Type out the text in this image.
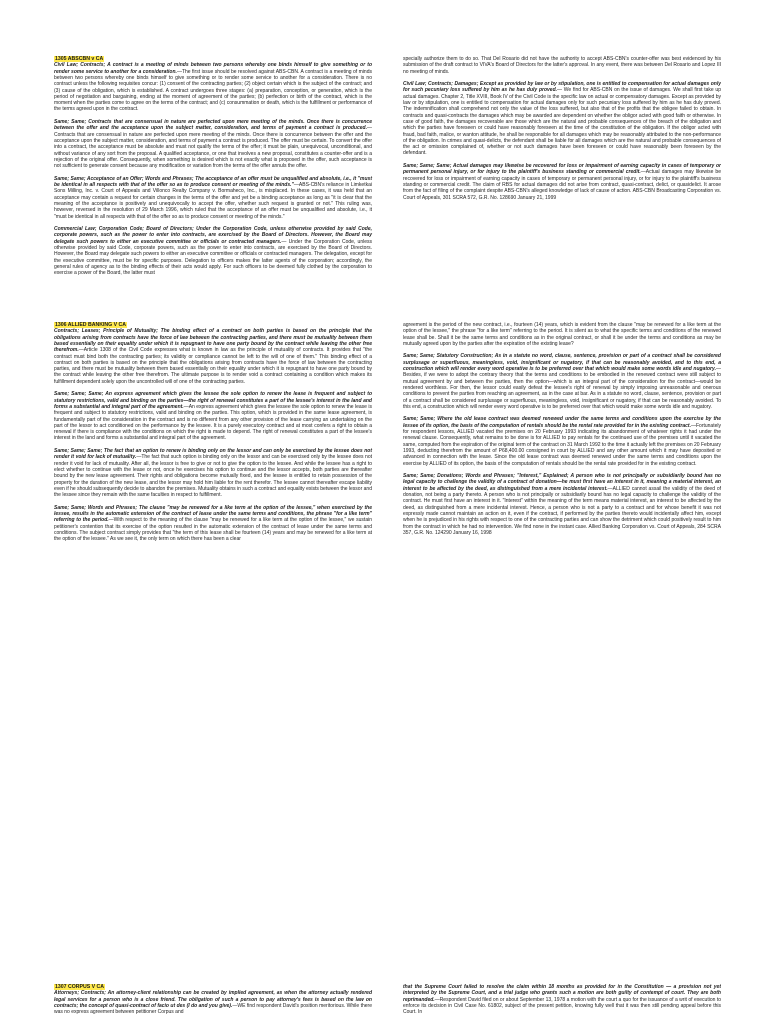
1305 ABSCBN v CA

Civil Law; Contracts; A contract is a meeting of minds between two persons whereby one binds himself to give something or to render some service to another for a consideration.—The first issue should be resolved against ABS-CBN. A contract is a meeting of minds between two persons whereby one binds himself to give something or to render some service to another for a consideration. There is no contract unless the following requisites concur: (1) consent of the contracting parties; (2) object certain which is the subject of the contract; and (3) cause of the obligation, which is established. A contract undergoes three stages: (a) preparation, conception, or generation, which is the period of negotiation and bargaining, ending at the moment of agreement of the parties; (b) perfection or birth of the contract, which is the moment when the parties come to agree on the terms of the contract; and (c) consummation or death, which is the fulfillment or performance of the terms agreed upon in the contract.

Same; Same; Contracts that are consensual in nature are perfected upon mere meeting of the minds. Once there is concurrence between the offer and the acceptance upon the subject matter, consideration, and terms of payment a contract is produced.—Contracts that are consensual in nature are perfected upon mere meeting of the minds. Once there is concurrence between the offer and the acceptance upon the subject matter, consideration, and terms of payment a contract is produced. The offer must be certain. To convert the offer into a contract, the acceptance must be absolute and must not qualify the terms of the offer; it must be plain, unequivocal, unconditional, and without variance of any sort from the proposal. A qualified acceptance, or one that involves a new proposal, constitutes a counter-offer and is a rejection of the original offer. Consequently, when something is desired which is not exactly what is proposed in the offer, such acceptance is not sufficient to generate consent because any modification or variation from the terms of the offer annuls the offer.

Same; Same; Acceptance of an Offer; Words and Phrases; The acceptance of an offer must be unqualified and absolute, i.e., it "must be identical in all respects with that of the offer so as to produce consent or meeting of the minds."—ABS-CBN's reliance in Limketkai Sons Milling, Inc. v. Court of Appeals and Villonco Realty Company v. Bormaheco, Inc., is misplaced. In these cases, it was held that an acceptance may contain a request for certain changes in the terms of the offer and yet be a binding acceptance as long as "it is clear that the meaning of the acceptance is positively and unequivocally to accept the offer, whether such request is granted or not." This ruling was, however, reversed in the resolution of 29 March 1996, which ruled that the acceptance of an offer must be unqualified and absolute, i.e., it "must be identical in all respects with that of the offer so as to produce consent or meeting of the minds."

Commercial Law; Corporation Code; Board of Directors; Under the Corporation Code, unless otherwise provided by said Code, corporate powers, such as the power to enter into contracts, are exercised by the Board of Directors. However, the Board may delegate such powers to either an executive committee or officials or contracted managers.— Under the Corporation Code, unless otherwise provided by said Code, corporate powers, such as the power to enter into contracts, are exercised by the Board of Directors. However, the Board may delegate such powers to either an executive committee or officials or contracted managers. The delegation, except for the executive committee, must be for specific purposes. Delegation to officers makes the latter agents of the corporation; accordingly, the general rules of agency as to the binding effects of their acts would apply. For such officers to be deemed fully clothed by the corporation to exercise a power of the Board, the latter must

specially authorize them to do so. That Del Rosario did not have the authority to accept ABS-CBN's counter-offer was best evidenced by his submission of the draft contract to VIVA's Board of Directors for the latter's approval. In any event, there was between Del Rosario and Lopez III no meeting of minds.

Civil Law; Contracts; Damages; Except as provided by law or by stipulation, one is entitled to compensation for actual damages only for such pecuniary loss suffered by him as he has duly proved.— We find for ABS-CBN on the issue of damages. We shall first take up actual damages. Chapter 2, Title XVIII, Book IV of the Civil Code is the specific law on actual or compensatory damages. Except as provided by law or by stipulation, one is entitled to compensation for actual damages only for such pecuniary loss suffered by him as he has duly proved. The indemnification shall comprehend not only the value of the loss suffered, but also that of the profits that the obligee failed to obtain. In contracts and quasi-contracts the damages which may be awarded are dependent on whether the obligor acted with good faith or otherwise. In case of good faith, the damages recoverable are those which are the natural and probable consequences of the breach of the obligation and which the parties have foreseen or could have reasonably foreseen at the time of the constitution of the obligation. If the obligor acted with fraud, bad faith, malice, or wanton attitude, he shall be responsible for all damages which may be reasonably attributed to the non-performance of the obligation. In crimes and quasi-delicts, the defendant shall be liable for all damages which are the natural and probable consequences of the act or omission complained of, whether or not such damages have been foreseen or could have reasonably been foreseen by the defendant.

Same; Same; Same; Actual damages may likewise be recovered for loss or impairment of earning capacity in cases of temporary or permanent personal injury, or for injury to the plaintiff's business standing or commercial credit.—Actual damages may likewise be recovered for loss or impairment of earning capacity in cases of temporary or permanent personal injury, or for injury to the plaintiff's business standing or commercial credit. The claim of RBS for actual damages did not arise from contract, quasi-contract, delict, or quasidelict. It arose from the fact of filing of the complaint despite ABS-CBN's alleged knowledge of lack of cause of action. ABS-CBN Broadcasting Corporation vs. Court of Appeals, 301 SCRA 572, G.R. No. 128690 January 21, 1999

1306 ALLIED BANKING V CA

Contracts; Leases; Principle of Mutuality; The binding effect of a contract on both parties is based on the principle that the obligations arising from contracts have the force of law between the contracting parties, and there must be mutuality between them based essentially on their equality under which it is repugnant to have one party bound by the contract while leaving the other free therefrom.—Article 1308 of the Civil Code expresses what is known in law as the principle of mutuality of contracts. It provides that "the contract must bind both the contracting parties; its validity or compliance cannot be left to the will of one of them." This binding effect of a contract on both parties is based on the principle that the obligations arising from contracts have the force of law between the contracting parties, and there must be mutuality between them based essentially on their equality under which it is repugnant to have one party bound by the contract while leaving the other free therefrom. The ultimate purpose is to render void a contract containing a condition which makes its fulfillment dependent solely upon the uncontrolled will of one of the contracting parties.

Same; Same; Same; An express agreement which gives the lessee the sole option to renew the lease is frequent and subject to statutory restrictions, valid and binding on the parties—the right of renewal constitutes a part of the lessee's interest in the land and forms a substantial and integral part of the agreement.—An express agreement which gives the lessee the sole option to renew the lease is frequent and subject to statutory restrictions, valid and binding on the parties. This option, which is provided in the same lease agreement, is fundamentally part of the consideration in the contract and is no different from any other provision of the lease carrying an undertaking on the part of the lessor to act conditioned on the performance by the lessee. It is a purely executory contract and at most confers a right to obtain a renewal if there is compliance with the conditions on which the right is made to depend. The right of renewal constitutes a part of the lessee's interest in the land and forms a substantial and integral part of the agreement.

Same; Same; Same; The fact that an option to renew is binding only on the lessor and can only be exercised by the lessee does not render it void for lack of mutuality.—The fact that such option is binding only on the lessor and can be exercised only by the lessee does not render it void for lack of mutuality. After all, the lessor is free to give or not to give the option to the lessee. And while the lessee has a right to elect whether to continue with the lease or not, once he exercises his option to continue and the lessor accepts, both parties are thereafter bound by the new lease agreement. Their rights and obligations become mutually fixed, and the lessee is entitled to retain possession of the property for the duration of the new lease, and the lessor may hold him liable for the rent therefor. The lessee cannot thereafter escape liability even if he should subsequently decide to abandon the premises. Mutuality obtains in such a contract and equality exists between the lessor and the lessee since they remain with the same faculties in respect to fulfillment.

Same; Same; Words and Phrases; The clause "may be renewed for a like term at the option of the lessee," when exercised by the lessee, results in the automatic extension of the contract of lease under the same terms and conditions, the phrase "for a like term" referring to the period.—With respect to the meaning of the clause "may be renewed for a like term at the option of the lessee," we sustain petitioner's contention that its exercise of the option resulted in the automatic extension of the contract of lease under the same terms and conditions. The subject contract simply provides that "the term of this lease shall be fourteen (14) years and may be renewed for a like term at the option of the lessee." As we see it, the only term on which there has been a clear

agreement is the period of the new contract, i.e., fourteen (14) years, which is evident from the clause "may be renewed for a like term at the option of the lessee," the phrase "for a like term" referring to the period. It is silent as to what the specific terms and conditions of the renewed lease shall be. Shall it be the same terms and conditions as in the original contract, or shall it be under the terms and conditions as may be mutually agreed upon by the parties after the expiration of the existing lease?

Same; Same; Statutory Construction; As in a statute no word, clause, sentence, provision or part of a contract shall be considered surplusage or superfluous, meaningless, void, insignificant or nugatory, if that can be reasonably avoided, and to this end, a construction which will render every word operative is to be preferred over that which would make some words idle and nugatory.—Besides, if we were to adopt the contrary theory that the terms and conditions to be embodied in the renewed contract were still subject to mutual agreement by and between the parties, then the option—which is an integral part of the consideration for the contract—would be rendered worthless. For then, the lessor could easily defeat the lessee's right of renewal by simply imposing unreasonable and onerous conditions to prevent the parties from reaching an agreement, as in the case at bar. As in a statute no word, clause, sentence, provision or part of a contract shall be considered surplusage or superfluous, meaningless, void, insignificant or nugatory, if that can be reasonably avoided. To this end, a construction which will render every word operative is to be preferred over that which would make some words idle and nugatory.

Same; Same; Where the old lease contract was deemed renewed under the same terms and conditions upon the exercise by the lessee of its option, the basis of the computation of rentals should be the rental rate provided for in the existing contract.—Fortunately for respondent lessors, ALLIED vacated the premises on 20 February 1993 indicating its abandonment of whatever rights it had under the renewal clause. Consequently, what remains to be done is for ALLIED to pay rentals for the continued use of the premises until it vacated the same, computed from the expiration of the original term of the contract on 31 March 1992 to the time it actually left the premises on 20 February 1993, deducting therefrom the amount of P68,400.00 consigned in court by ALLIED and any other amount which it may have deposited or advanced in connection with the lease. Since the old lease contract was deemed renewed under the same terms and conditions upon the exercise by ALLIED of its option, the basis of the computation of rentals should be the rental rate provided for in the existing contract.

Same; Same; Donations; Words and Phrases; "Interest," Explained; A person who is not principally or subsidiarily bound has no legal capacity to challenge the validity of a contract of donation—he must first have an interest in it, meaning a material interest, an interest to be affected by the deed, as distinguished from a mere incidental interest.—ALLIED cannot assail the validity of the deed of donation, not being a party thereto. A person who is not principally or subsidiarily bound has no legal capacity to challenge the validity of the contract. He must first have an interest in it. "Interest" within the meaning of the term means material interest, an interest to be affected by the deed, as distinguished from a mere incidental interest. Hence, a person who is not a party to a contract and for whose benefit it was not expressly made cannot maintain an action on it, even if the contract, if performed by the parties thereto would incidentally affect him, except when he is prejudiced in his rights with respect to one of the contracting parties and can show the detriment which could positively result to him from the contract in which he had no intervention. We find none in the instant case. Allied Banking Corporation vs. Court of Appeals, 284 SCRA 357, G.R. No. 124290 January 16, 1998

1307 CORPUS V CA

Attorneys; Contracts; An attorney-client relationship can be created by implied agreement, as when the attorney actually rendered legal services for a person who is a close friend. The obligation of such a person to pay attorney's fees is based on the law on contracts; the concept of quasi-contract of facio ut des (I do and you give).—WE find respondent David's position meritorious. While there was no express agreement between petitioner Corpus and

that the Supreme Court failed to resolve the claim within 18 months as provided for in the Constitution — a provision not yet interpreted by the Supreme Court, and a trial judge who grants such a motion are both guilty of contempt of court. They are both reprimanded.—Respondent David filed on or about September 13, 1978 a motion with the court a quo for the issuance of a writ of execution to enforce its decision in Civil Case No. 61802, subject of the present petition, knowing fully well that it was then still pending appeal before this Court. In
